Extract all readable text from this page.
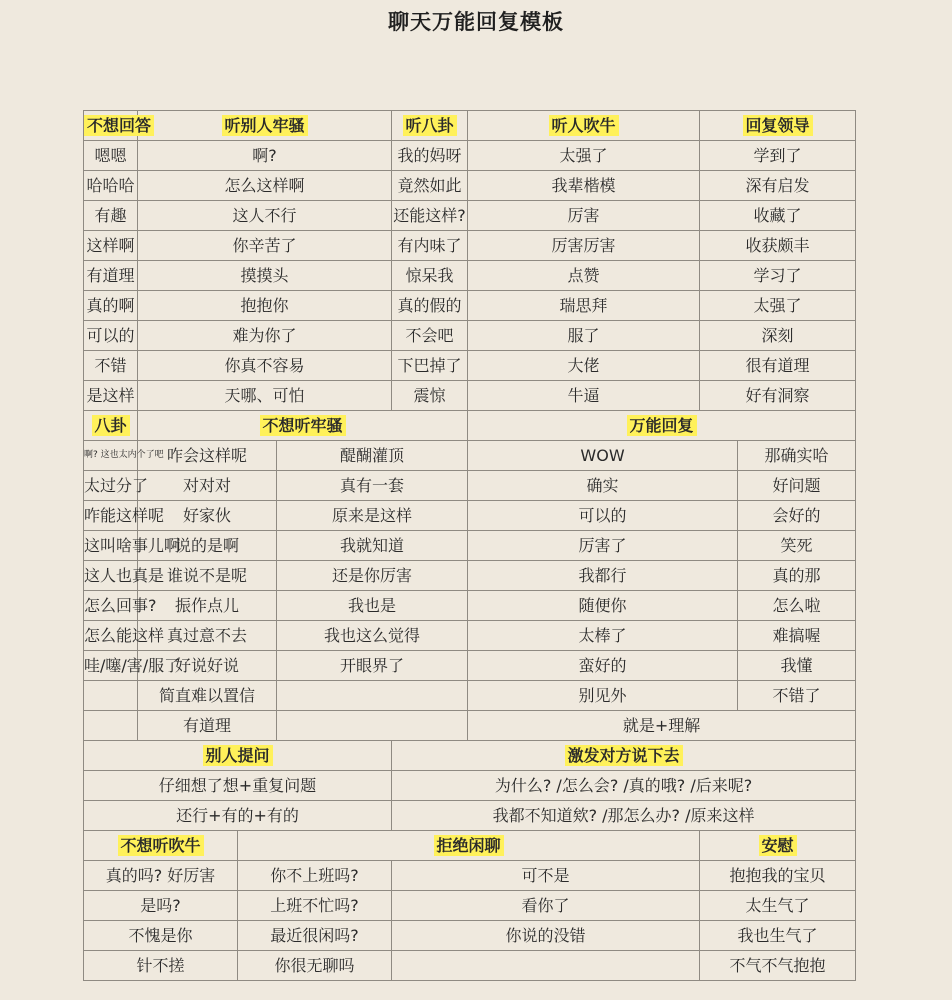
聊天万能回复模板
不想回答	听别人牢骚			听八卦	听人吹牛	回复领导	
嗯嗯	啊?			我的妈呀	太强了	学到了	
哈哈哈	怎么这样啊			竟然如此	我辈楷模	深有启发	
有趣	这人不行			还能这样?	厉害	收藏了	
这样啊	你辛苦了			有内味了	厉害厉害	收获颇丰	
有道理	摸摸头			惊呆我	点赞	学习了	
真的啊	抱抱你			真的假的	瑞思拜	太强了	
可以的	难为你了			不会吧	服了	深刻	
不错	你真不容易			下巴掉了	大佬	很有道理	
是这样	天哪、可怕			震惊	牛逼	好有洞察	
八卦	不想听牢骚				万能回复		
啊? 这也太内个了吧	咋会这样呢		醍醐灌顶		WOW		那确实哈
太过分了	对对对		真有一套		确实		好问题
咋能这样呢	好家伙		原来是这样		可以的		会好的
这叫啥事儿啊	说的是啊		我就知道		厉害了		笑死
这人也真是	谁说不是呢		还是你厉害		我都行		真的那
怎么回事?	振作点儿		我也是		随便你		怎么啦
怎么能这样	真过意不去		我也这么觉得		太棒了		难搞喔
哇/噻/害/服了	好说好说		开眼界了		蛮好的		我懂
	简直难以置信				别见外		不错了
	有道理				就是+理解		
别人提问				激发对方说下去			
仔细想了想+重复问题				为什么? /怎么会? /真的哦? /后来呢?			
还行+有的+有的				我都不知道欸? /那怎么办? /原来这样			
不想听吹牛		拒绝闲聊				安慰	
真的吗? 好厉害		你不上班吗?		可不是		抱抱我的宝贝	
是吗?		上班不忙吗?		看你了		太生气了	
不愧是你		最近很闲吗?		你说的没错		我也生气了	
针不搓		你很无聊吗				不气不气抱抱	
